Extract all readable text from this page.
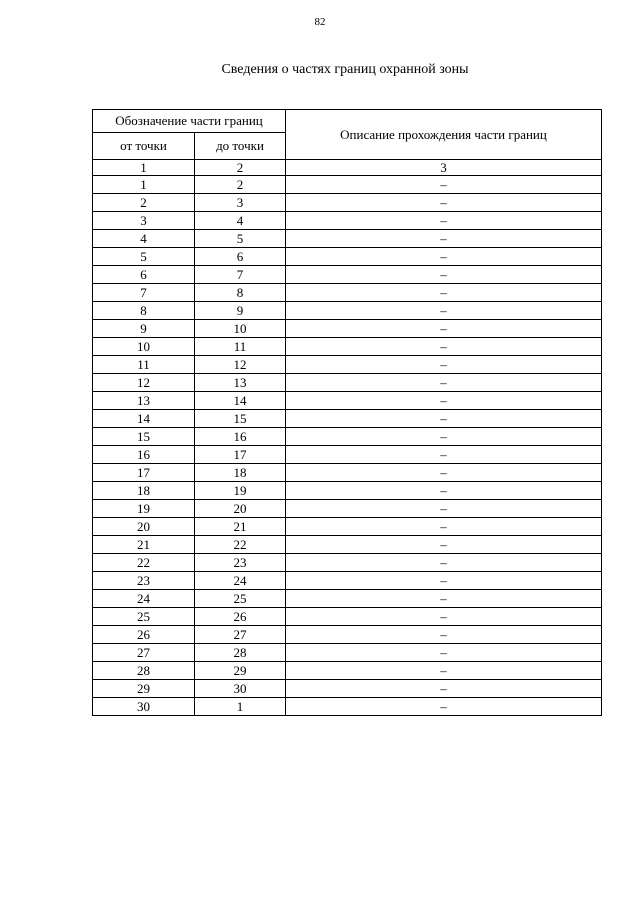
82
Сведения о частях границ охранной зоны
Обозначение части границ		Описание прохождения части границ
от точки	до точки	
1	2	3
1	2	–
2	3	–
3	4	–
4	5	–
5	6	–
6	7	–
7	8	–
8	9	–
9	10	–
10	11	–
11	12	–
12	13	–
13	14	–
14	15	–
15	16	–
16	17	–
17	18	–
18	19	–
19	20	–
20	21	–
21	22	–
22	23	–
23	24	–
24	25	–
25	26	–
26	27	–
27	28	–
28	29	–
29	30	–
30	1	–
